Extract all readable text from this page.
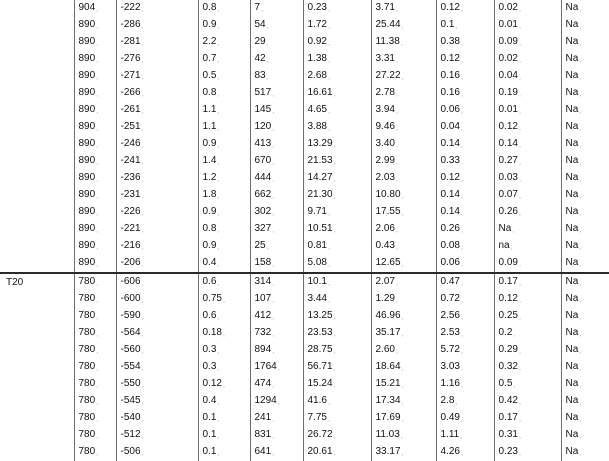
	904¸	-222¸	0.8¸	7¸	0.23¸	3.71¸	0.12¸	0.02¸	Na¸
	890¸	-286¸	0.9¸	54¸	1.72¸	25.44¸	0.1¸	0.01¸	Na¸
	890¸	-281¸	2.2¸	29¸	0.92¸	11.38¸	0.38¸	0.09¸	Na¸
	890¸	-276¸	0.7¸	42¸	1.38¸	3.31¸	0.12¸	0.02¸	Na¸
	890¸	-271¸	0.5¸	83¸	2.68¸	27.22¸	0.16¸	0.04¸	Na¸
	890¸	-266¸	0.8¸	517¸	16.61¸	2.78¸	0.16¸	0.19¸	Na¸
	890¸	-261¸	1.1¸	145¸	4.65¸	3.94¸	0.06¸	0.01¸	Na¸
	890¸	-251¸	1.1¸	120¸	3.88¸	9.46¸	0.04¸	0.12¸	Na¸
	890¸	-246¸	0.9¸	413¸	13.29¸	3.40¸	0.14¸	0.14¸	Na¸
	890¸	-241¸	1.4¸	670¸	21.53¸	2.99¸	0.33¸	0.27¸	Na¸
	890¸	-236¸	1.2¸	444¸	14.27¸	2.03¸	0.12¸	0.03¸	Na¸
	890¸	-231¸	1.8¸	662¸	21.30¸	10.80¸	0.14¸	0.07¸	Na¸
	890¸	-226¸	0.9¸	302¸	9.71¸	17.55¸	0.14¸	0.26¸	Na¸
	890¸	-221¸	0.8¸	327¸	10.51¸	2.06¸	0.26¸	Na¸	Na¸
	890¸	-216¸	0.9¸	25¸	0.81¸	0.43¸	0.08¸	na¸	Na¸
	890¸	-206¸	0.4¸	158¸	5.08¸	12.65¸	0.06¸	0.09¸	Na¸
T20	780¸	-606¸	0.6¸	314¸	10.1¸	2.07¸	0.47¸	0.17¸	Na¸
	780¸	-600¸	0.75¸	107¸	3.44¸	1.29¸	0.72¸	0.12¸	Na¸
	780¸	-590¸	0.6¸	412¸	13.25¸	46.96¸	2.56¸	0.25¸	Na¸
	780¸	-564¸	0.18¸	732¸	23.53¸	35.17¸	2.53¸	0.2¸	Na¸
	780¸	-560¸	0.3¸	894¸	28.75¸	2.60¸	5.72¸	0.29¸	Na¸
	780¸	-554¸	0.3¸	1764¸	56.71¸	18.64¸	3.03¸	0.32¸	Na¸
	780¸	-550¸	0.12¸	474¸	15.24¸	15.21¸	1.16¸	0.5¸	Na¸
	780¸	-545¸	0.4¸	1294¸	41.6¸	17.34¸	2.8¸	0.42¸	Na¸
	780¸	-540¸	0.1¸	241¸	7.75¸	17.69¸	0.49¸	0.17¸	Na¸
	780¸	-512¸	0.1¸	831¸	26.72¸	11.03¸	1.11¸	0.31¸	Na¸
	780¸	-506¸	0.1¸	641¸	20.61¸	33.17¸	4.26¸	0.23¸	Na¸
